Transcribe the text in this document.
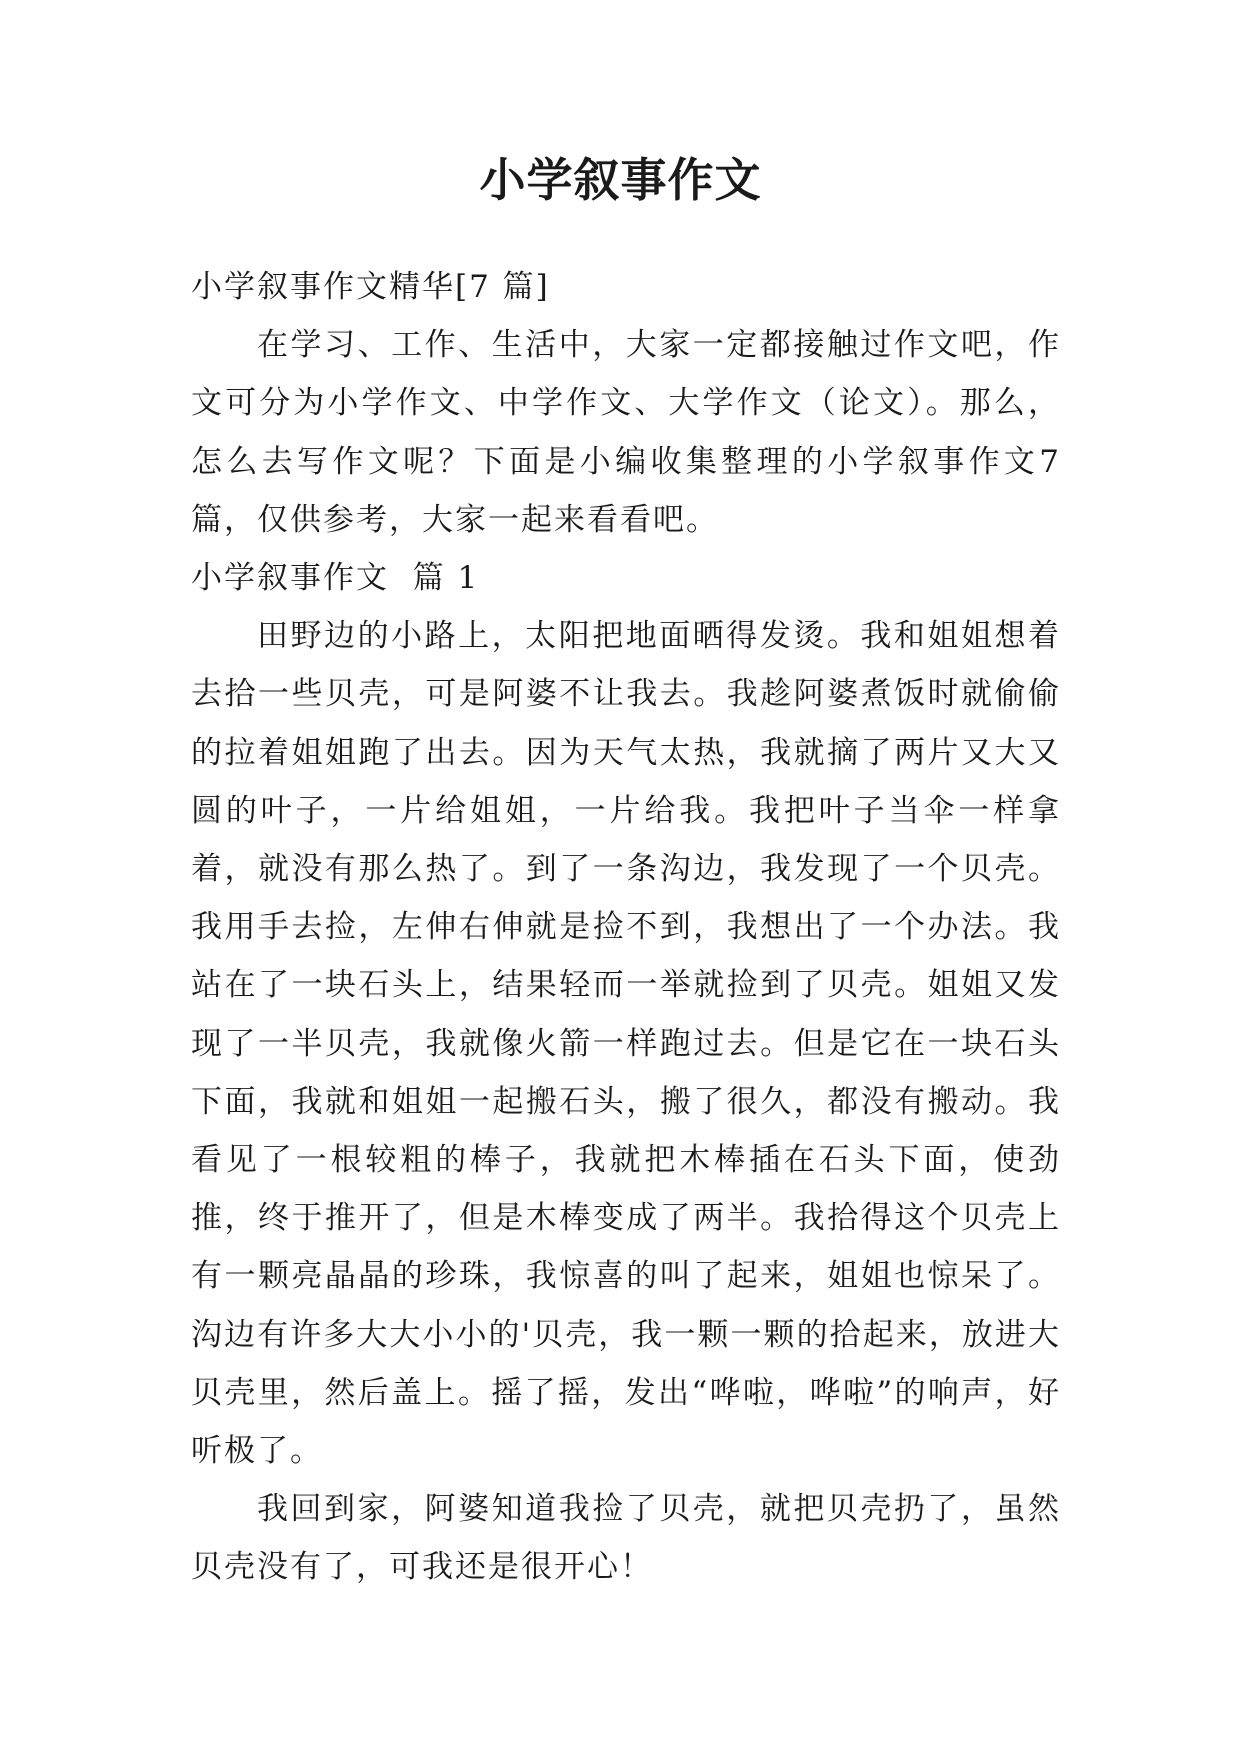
小学叙事作文

小学叙事作文精华[7 篇]

在学习、工作、生活中，大家一定都接触过作文吧，作文可分为小学作文、中学作文、大学作文（论文）。那么，怎么去写作文呢？下面是小编收集整理的小学叙事作文7篇，仅供参考，大家一起来看看吧。

小学叙事作文  篇 1

田野边的小路上，太阳把地面晒得发烫。我和姐姐想着去拾一些贝壳，可是阿婆不让我去。我趁阿婆煮饭时就偷偷的拉着姐姐跑了出去。因为天气太热，我就摘了两片又大又圆的叶子，一片给姐姐，一片给我。我把叶子当伞一样拿着，就没有那么热了。到了一条沟边，我发现了一个贝壳。我用手去捡，左伸右伸就是捡不到，我想出了一个办法。我站在了一块石头上，结果轻而一举就捡到了贝壳。姐姐又发现了一半贝壳，我就像火箭一样跑过去。但是它在一块石头下面，我就和姐姐一起搬石头，搬了很久，都没有搬动。我看见了一根较粗的棒子，我就把木棒插在石头下面，使劲推，终于推开了，但是木棒变成了两半。我拾得这个贝壳上有一颗亮晶晶的珍珠，我惊喜的叫了起来，姐姐也惊呆了。沟边有许多大大小小的'贝壳，我一颗一颗的拾起来，放进大贝壳里，然后盖上。摇了摇，发出“哗啦，哗啦”的响声，好听极了。

我回到家，阿婆知道我捡了贝壳，就把贝壳扔了，虽然贝壳没有了，可我还是很开心！
